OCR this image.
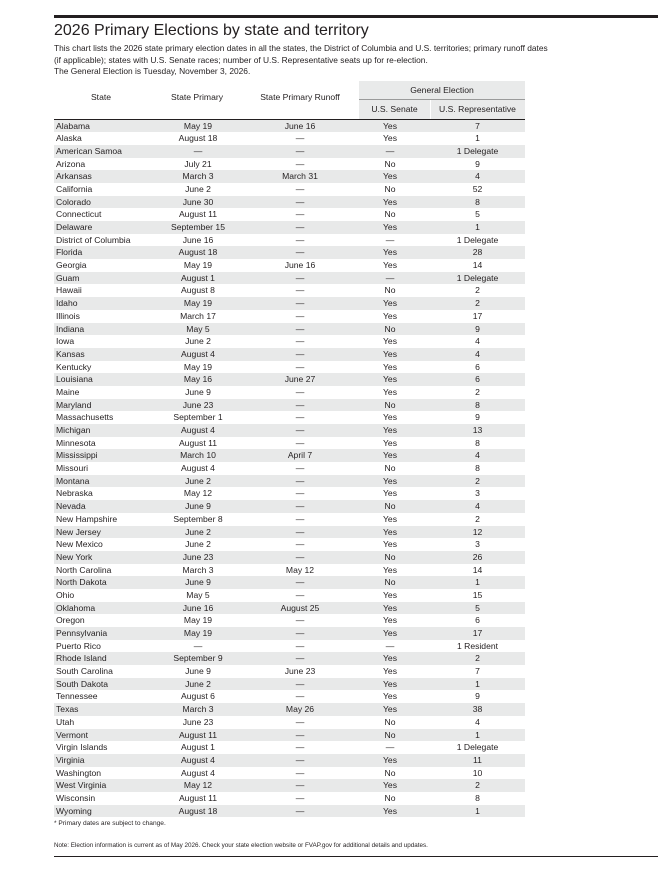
2026 Primary Elections by state and territory
This chart lists the 2026 state primary election dates in all the states, the District of Columbia and U.S. territories; primary runoff dates
(if applicable); states with U.S. Senate races; number of U.S. Representative seats up for re-election.
The General Election is Tuesday, November 3, 2026.
State	State Primary	State Primary Runoff
General Election
U.S. Senate	U.S. Representative
Alabama	May 19	June 16	Yes	7
Alaska	August 18	—	Yes	1
American Samoa	—	—	—	1 Delegate
Arizona	July 21	—	No	9
Arkansas	March 3	March 31	Yes	4
California	June 2	—	No	52
Colorado	June 30	—	Yes	8
Connecticut	August 11	—	No	5
Delaware	September 15	—	Yes	1
District of Columbia	June 16	—	—	1 Delegate
Florida	August 18	—	Yes	28
Georgia	May 19	June 16	Yes	14
Guam	August 1	—	—	1 Delegate
Hawaii	August 8	—	No	2
Idaho	May 19	—	Yes	2
Illinois	March 17	—	Yes	17
Indiana	May 5	—	No	9
Iowa	June 2	—	Yes	4
Kansas	August 4	—	Yes	4
Kentucky	May 19	—	Yes	6
Louisiana	May 16	June 27	Yes	6
Maine	June 9	—	Yes	2
Maryland	June 23	—	No	8
Massachusetts	September 1	—	Yes	9
Michigan	August 4	—	Yes	13
Minnesota	August 11	—	Yes	8
Mississippi	March 10	April 7	Yes	4
Missouri	August 4	—	No	8
Montana	June 2	—	Yes	2
Nebraska	May 12	—	Yes	3
Nevada	June 9	—	No	4
New Hampshire	September 8	—	Yes	2
New Jersey	June 2	—	Yes	12
New Mexico	June 2	—	Yes	3
New York	June 23	—	No	26
North Carolina	March 3	May 12	Yes	14
North Dakota	June 9	—	No	1
Ohio	May 5	—	Yes	15
Oklahoma	June 16	August 25	Yes	5
Oregon	May 19	—	Yes	6
Pennsylvania	May 19	—	Yes	17
Puerto Rico	—	—	—	1 Resident
Rhode Island	September 9	—	Yes	2
South Carolina	June 9	June 23	Yes	7
South Dakota	June 2	—	Yes	1
Tennessee	August 6	—	Yes	9
Texas	March 3	May 26	Yes	38
Utah	June 23	—	No	4
Vermont	August 11	—	No	1
Virgin Islands	August 1	—	—	1 Delegate
Virginia	August 4	—	Yes	11
Washington	August 4	—	No	10
West Virginia	May 12	—	Yes	2
Wisconsin	August 11	—	No	8
Wyoming	August 18	—	Yes	1
* Primary dates are subject to change.
Note: Election information is current as of May 2026. Check your state election website or FVAP.gov for additional details and updates.
